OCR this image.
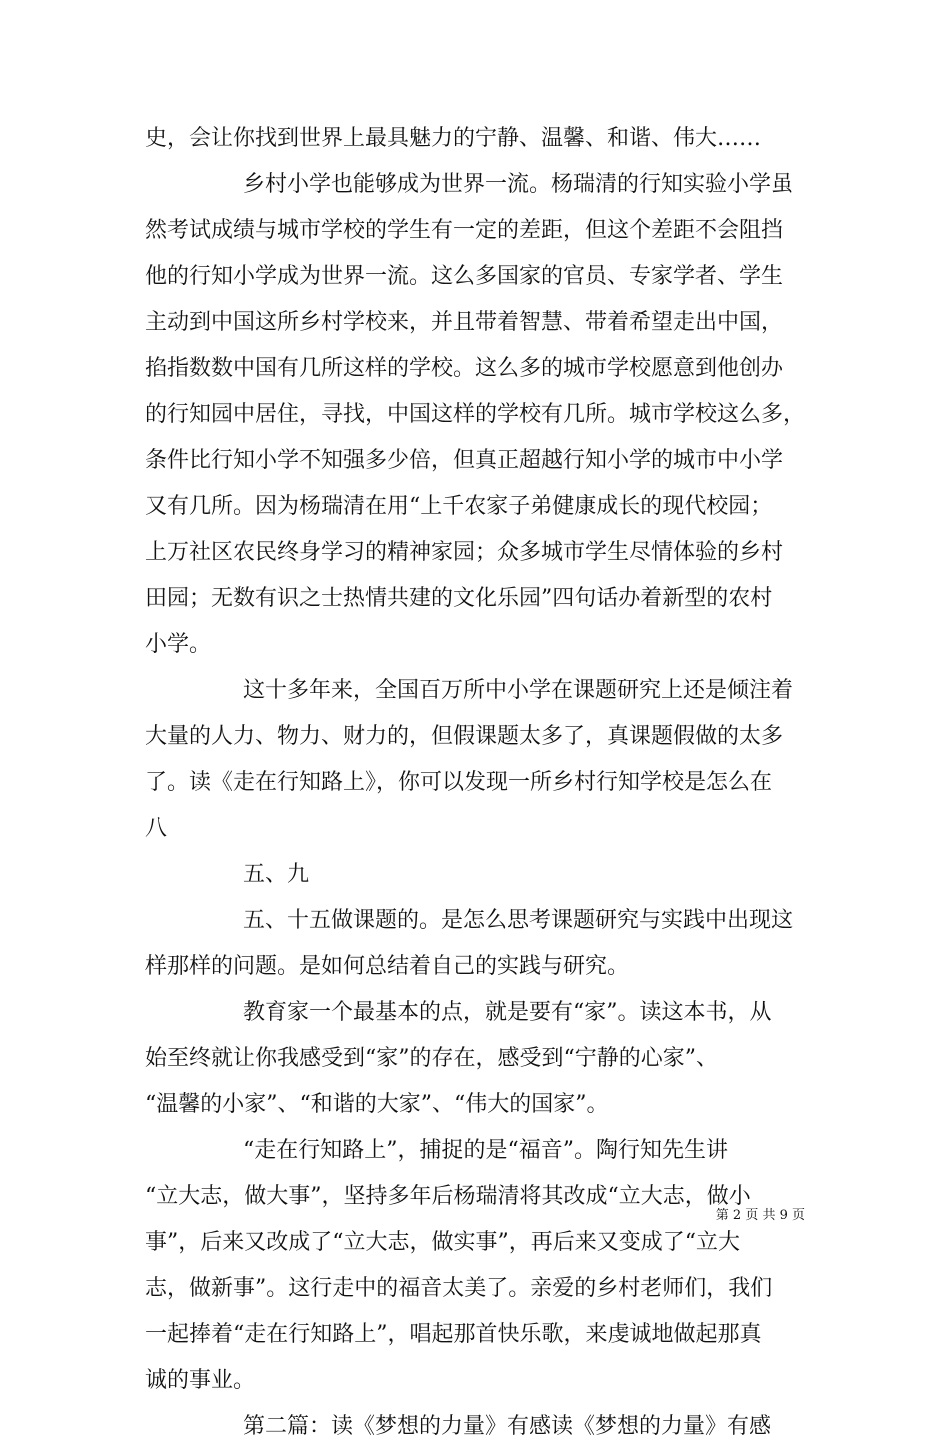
史，会让你找到世界上最具魅力的宁静、温馨、和谐、伟大……
乡村小学也能够成为世界一流。杨瑞清的行知实验小学虽
然考试成绩与城市学校的学生有一定的差距，但这个差距不会阻挡
他的行知小学成为世界一流。这么多国家的官员、专家学者、学生
主动到中国这所乡村学校来，并且带着智慧、带着希望走出中国，
掐指数数中国有几所这样的学校。这么多的城市学校愿意到他创办
的行知园中居住，寻找，中国这样的学校有几所。城市学校这么多，
条件比行知小学不知强多少倍，但真正超越行知小学的城市中小学
又有几所。因为杨瑞清在用“上千农家子弟健康成长的现代校园；
上万社区农民终身学习的精神家园；众多城市学生尽情体验的乡村
田园；无数有识之士热情共建的文化乐园”四句话办着新型的农村
小学。
这十多年来，全国百万所中小学在课题研究上还是倾注着
大量的人力、物力、财力的，但假课题太多了，真课题假做的太多
了。读《走在行知路上》，你可以发现一所乡村行知学校是怎么在
八
五、九
五、十五做课题的。是怎么思考课题研究与实践中出现这
样那样的问题。是如何总结着自己的实践与研究。
教育家一个最基本的点，就是要有“家”。读这本书，从
始至终就让你我感受到“家”的存在，感受到“宁静的心家”、
“温馨的小家”、“和谐的大家”、“伟大的国家”。
“走在行知路上”，捕捉的是“福音”。陶行知先生讲
“立大志，做大事”，坚持多年后杨瑞清将其改成“立大志，做小
事”，后来又改成了“立大志，做实事”，再后来又变成了“立大
志，做新事”。这行走中的福音太美了。亲爱的乡村老师们，我们
一起捧着“走在行知路上”，唱起那首快乐歌，来虔诚地做起那真
诚的事业。
第二篇：读《梦想的力量》有感读《梦想的力量》有感
第 2 页 共 9 页
